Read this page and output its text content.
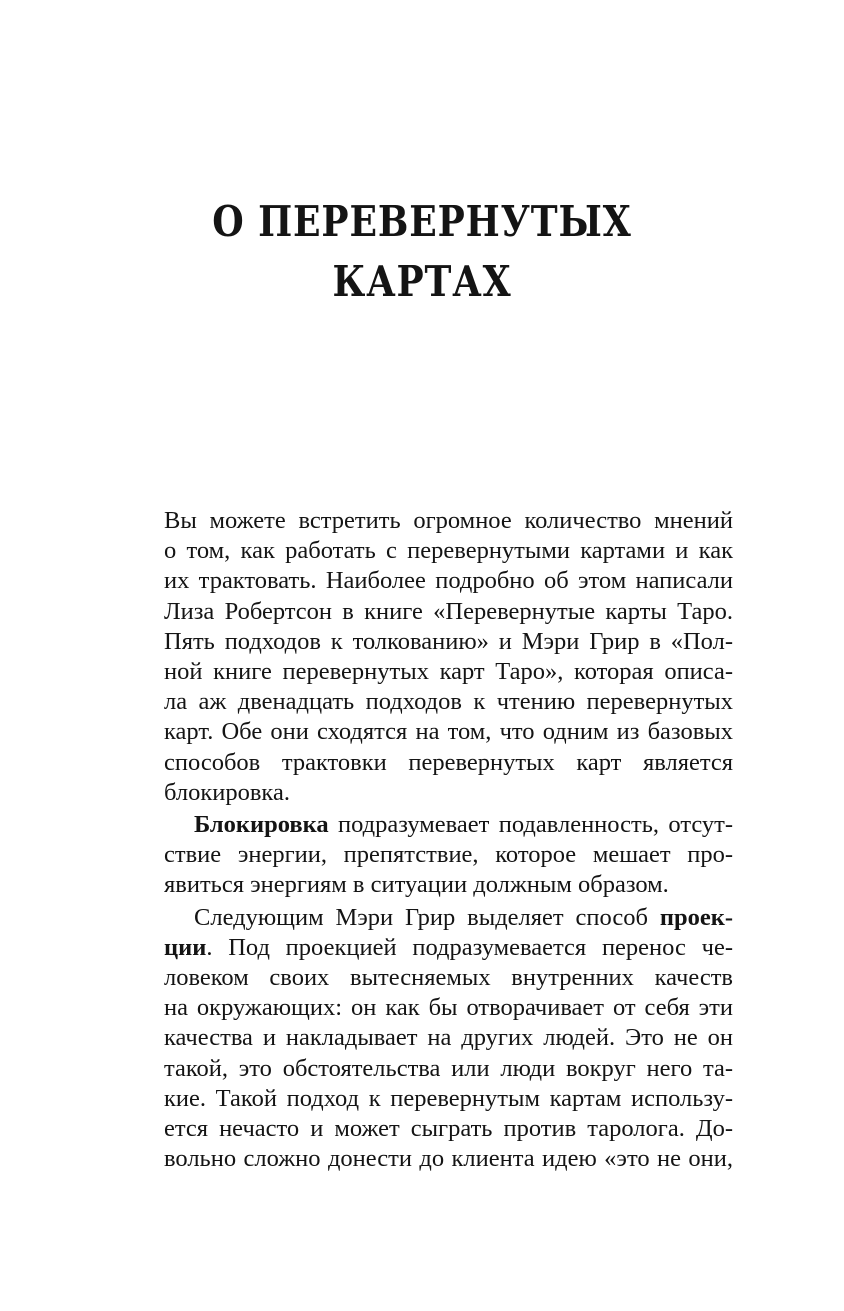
О ПЕРЕВЕРНУТЫХ
КАРТАХ

Вы можете встретить огромное количество мнений
о том, как работать с перевернутыми картами и как
их трактовать. Наиболее подробно об этом написали
Лиза Робертсон в книге «Перевернутые карты Таро.
Пять подходов к толкованию» и Мэри Грир в «Пол-
ной книге перевернутых карт Таро», которая описа-
ла аж двенадцать подходов к чтению перевернутых
карт. Обе они сходятся на том, что одним из базовых
способов трактовки перевернутых карт является
блокировка.

Блокировка подразумевает подавленность, отсут-
ствие энергии, препятствие, которое мешает про-
явиться энергиям в ситуации должным образом.

Следующим Мэри Грир выделяет способ проек-
ции. Под проекцией подразумевается перенос че-
ловеком своих вытесняемых внутренних качеств
на окружающих: он как бы отворачивает от себя эти
качества и накладывает на других людей. Это не он
такой, это обстоятельства или люди вокруг него та-
кие. Такой подход к перевернутым картам использу-
ется нечасто и может сыграть против таролога. До-
вольно сложно донести до клиента идею «это не они,
